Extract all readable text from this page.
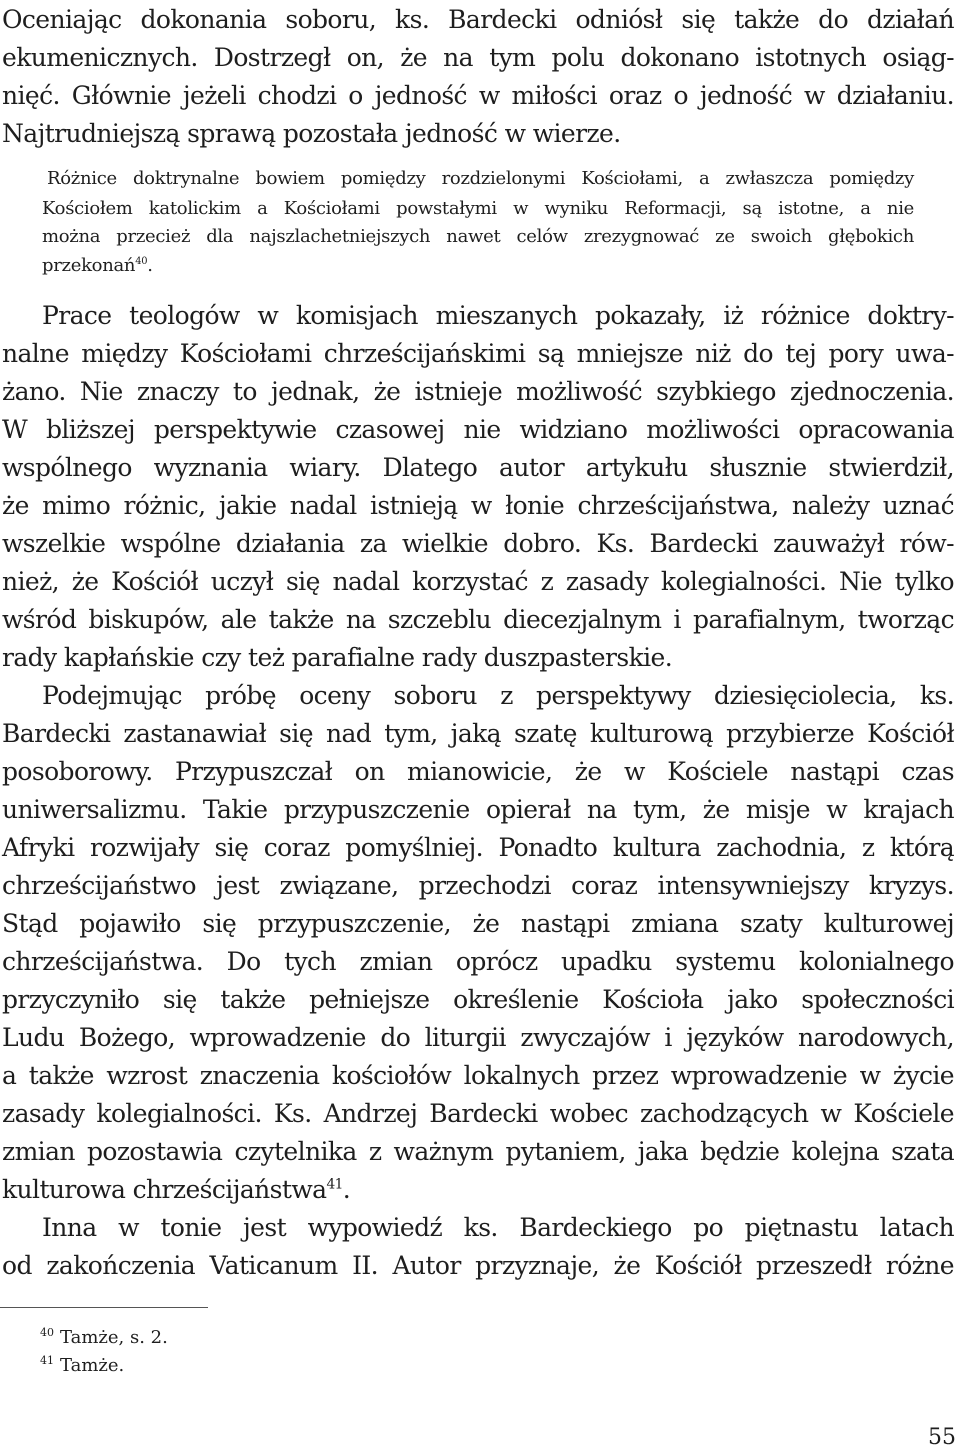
Oceniając dokonania soboru, ks. Bardecki odniósł się także do działań
ekumenicznych. Dostrzegł on, że na tym polu dokonano istotnych osiąg-
nięć. Głównie jeżeli chodzi o jedność w miłości oraz o jedność w działaniu.
Najtrudniejszą sprawą pozostała jedność w wierze.
Różnice doktrynalne bowiem pomiędzy rozdzielonymi Kościołami, a zwłaszcza pomiędzy
Kościołem katolickim a Kościołami powstałymi w wyniku Reformacji, są istotne, a nie
można przecież dla najszlachetniejszych nawet celów zrezygnować ze swoich głębokich
przekonań$^{40}$.
Prace teologów w komisjach mieszanych pokazały, iż różnice doktry-
nalne między Kościołami chrześcijańskimi są mniejsze niż do tej pory uwa-
żano. Nie znaczy to jednak, że istnieje możliwość szybkiego zjednoczenia.
W bliższej perspektywie czasowej nie widziano możliwości opracowania
wspólnego wyznania wiary. Dlatego autor artykułu słusznie stwierdził,
że mimo różnic, jakie nadal istnieją w łonie chrześcijaństwa, należy uznać
wszelkie wspólne działania za wielkie dobro. Ks. Bardecki zauważył rów-
nież, że Kościół uczył się nadal korzystać z zasady kolegialności. Nie tylko
wśród biskupów, ale także na szczeblu diecezjalnym i parafialnym, tworząc
rady kapłańskie czy też parafialne rady duszpasterskie.
Podejmując próbę oceny soboru z perspektywy dziesięciolecia, ks.
Bardecki zastanawiał się nad tym, jaką szatę kulturową przybierze Kościół
posoborowy. Przypuszczał on mianowicie, że w Kościele nastąpi czas
uniwersalizmu. Takie przypuszczenie opierał na tym, że misje w krajach
Afryki rozwijały się coraz pomyślniej. Ponadto kultura zachodnia, z którą
chrześcijaństwo jest związane, przechodzi coraz intensywniejszy kryzys.
Stąd pojawiło się przypuszczenie, że nastąpi zmiana szaty kulturowej
chrześcijaństwa. Do tych zmian oprócz upadku systemu kolonialnego
przyczyniło się także pełniejsze określenie Kościoła jako społeczności
Ludu Bożego, wprowadzenie do liturgii zwyczajów i języków narodowych,
a także wzrost znaczenia kościołów lokalnych przez wprowadzenie w życie
zasady kolegialności. Ks. Andrzej Bardecki wobec zachodzących w Kościele
zmian pozostawia czytelnika z ważnym pytaniem, jaka będzie kolejna szata
kulturowa chrześcijaństwa$^{41}$.
Inna w tonie jest wypowiedź ks. Bardeckiego po piętnastu latach
od zakończenia Vaticanum II. Autor przyznaje, że Kościół przeszedł różne
$^{40}$ Tamże, s. 2.
$^{41}$ Tamże.
55
